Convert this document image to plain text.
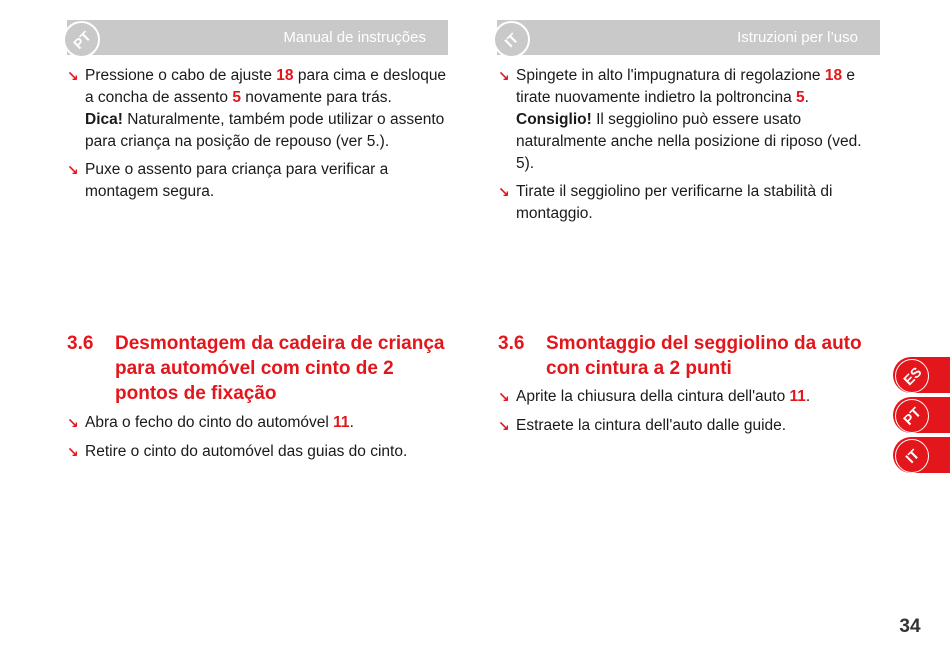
PT	Manual de instruções	IT	Istruzioni per l’uso

↘ Pressione o cabo de ajuste 18 para cima e desloque a concha de assento 5 novamente para trás.
Dica! Naturalmente, também pode utilizar o assento para criança na posição de repouso (ver 5.).

↘ Puxe o assento para criança para verificar a montagem segura.

↘ Spingete in alto l'impugnatura di regolazione 18 e tirate nuovamente indietro la poltroncina 5.
Consiglio! Il seggiolino può essere usato naturalmente anche nella posizione di riposo (ved. 5).

↘ Tirate il seggiolino per verificarne la stabilità di montaggio.

3.6 Desmontagem da cadeira de criança para automóvel com cinto de 2 pontos de fixação

↘ Abra o fecho do cinto do automóvel 11.

↘ Retire o cinto do automóvel das guias do cinto.

3.6 Smontaggio del seggiolino da auto con cintura a 2 punti

↘ Aprite la chiusura della cintura dell'auto 11.

↘ Estraete la cintura dell'auto dalle guide.

ES
PT
IT
34
